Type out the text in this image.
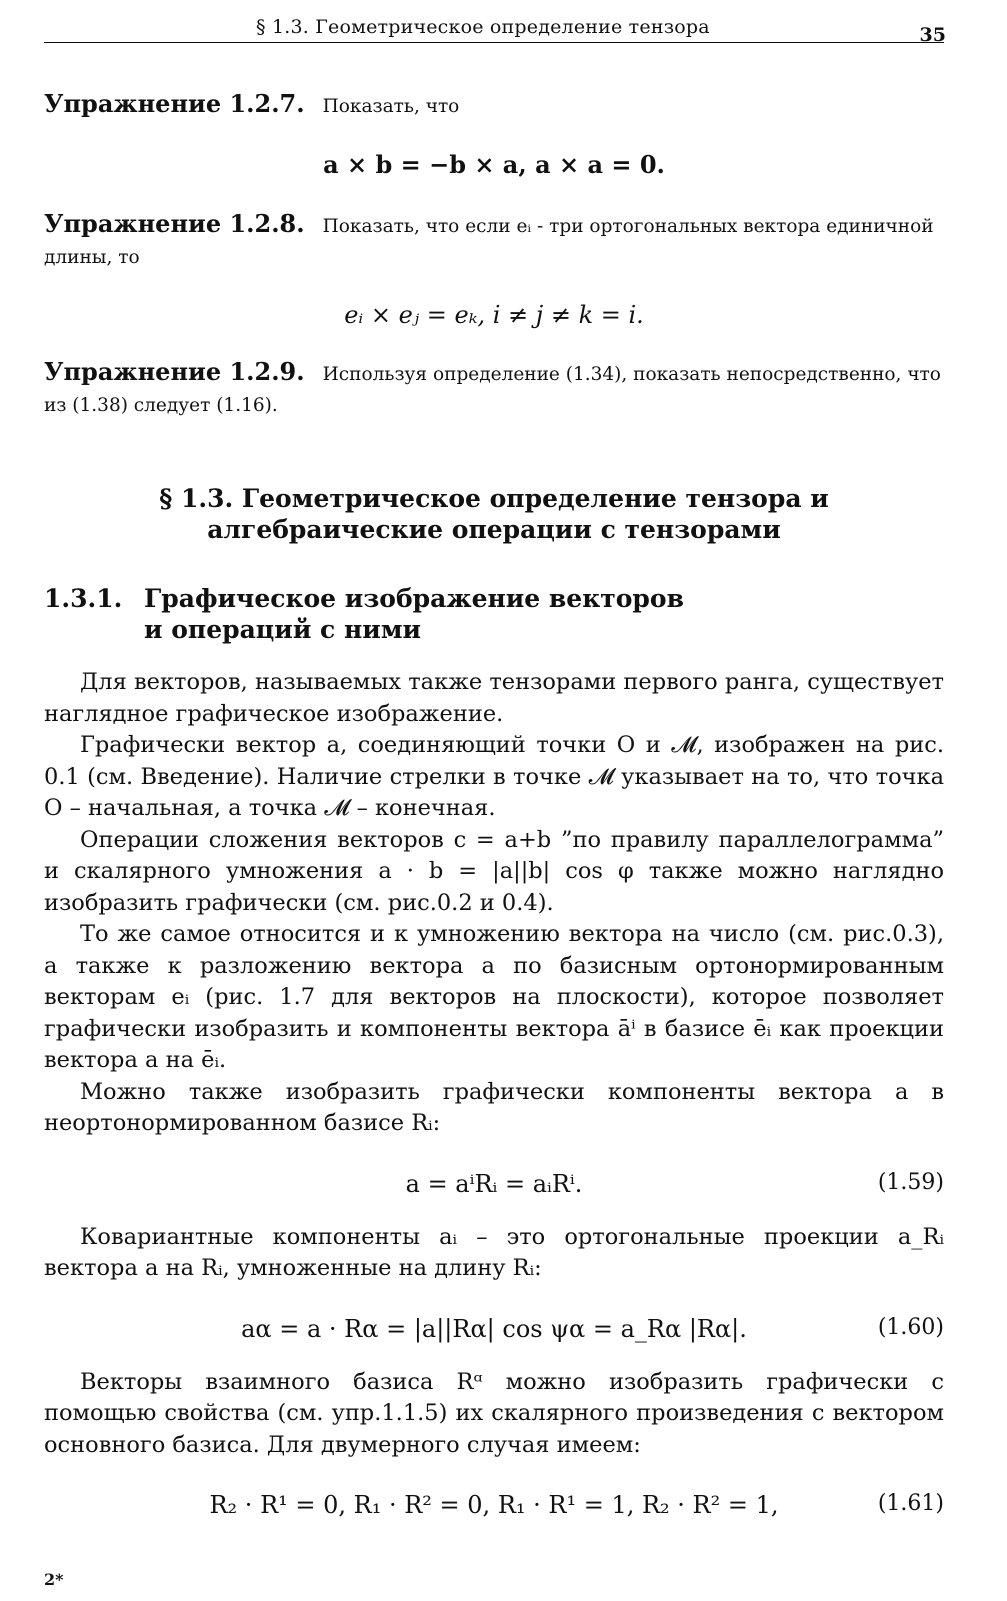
§ 1.3. Геометрическое определение тензора	35
Упражнение 1.2.7. Показать, что
a × b = −b × a, a × a = 0.
Упражнение 1.2.8. Показать, что если eᵢ - три ортогональных вектора единичной длины, то
eᵢ × eⱼ = eₖ, i ≠ j ≠ k = i.
Упражнение 1.2.9. Используя определение (1.34), показать непосредственно, что из (1.38) следует (1.16).
§ 1.3. Геометрическое определение тензора и
алгебраические операции с тензорами
1.3.1. Графическое изображение векторов
и операций с ними

Для векторов, называемых также тензорами первого ранга, существует наглядное графическое изображение.

Графически вектор a, соединяющий точки O и 𝓜, изображен на рис. 0.1 (см. Введение). Наличие стрелки в точке 𝓜 указывает на то, что точка O – начальная, а точка 𝓜 – конечная.

Операции сложения векторов c = a+b ”по правилу параллелограмма” и скалярного умножения a · b = |a||b| cos φ также можно наглядно изобразить графически (см. рис.0.2 и 0.4).

То же самое относится и к умножению вектора на число (см. рис.0.3), а также к разложению вектора a по базисным ортонормированным векторам eᵢ (рис. 1.7 для векторов на плоскости), которое позволяет графически изобразить и компоненты вектора āⁱ в базисе ēᵢ как проекции вектора a на ēᵢ.

Можно также изобразить графически компоненты вектора a в неортонормированном базисе Rᵢ:

a = aⁱRᵢ = aᵢRⁱ.	(1.59)

Ковариантные компоненты aᵢ – это ортогональные проекции a_Rᵢ вектора a на Rᵢ, умноженные на длину Rᵢ:

aα = a · Rα = |a||Rα| cos ψα = a_Rα |Rα|.	(1.60)

Векторы взаимного базиса Rᵅ можно изобразить графически с помощью свойства (см. упр.1.1.5) их скалярного произведения с вектором основного базиса. Для двумерного случая имеем:

R₂ · R¹ = 0, R₁ · R² = 0, R₁ · R¹ = 1, R₂ · R² = 1,	(1.61)
2*
